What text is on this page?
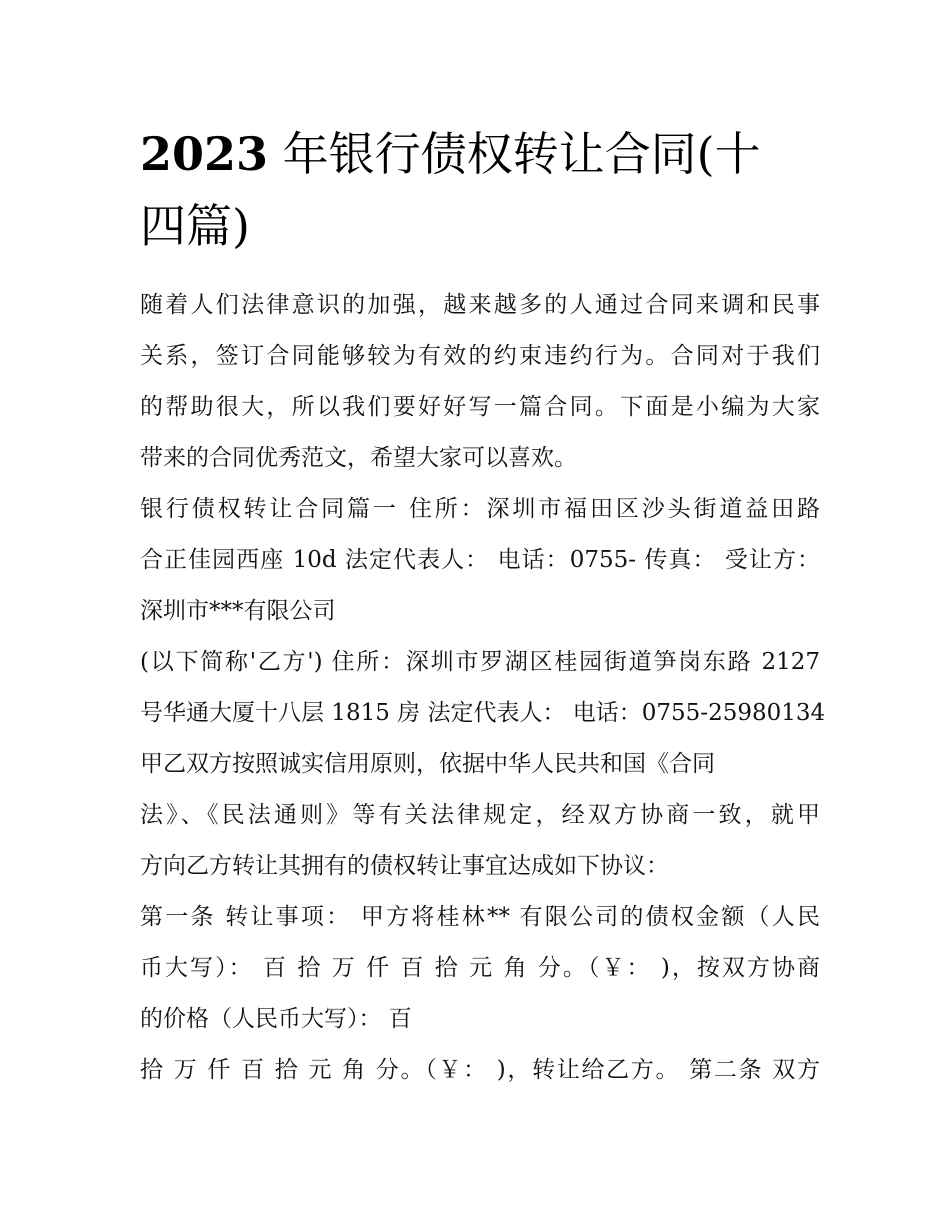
2023 年银行债权转让合同(十
四篇)
随着人们法律意识的加强，越来越多的人通过合同来调和民事
关系，签订合同能够较为有效的约束违约行为。合同对于我们
的帮助很大，所以我们要好好写一篇合同。下面是小编为大家
带来的合同优秀范文，希望大家可以喜欢。
银行债权转让合同篇一 住所：深圳市福田区沙头街道益田路
合正佳园西座 10d 法定代表人： 电话：0755- 传真： 受让方：
深圳市***有限公司
(以下简称'乙方') 住所：深圳市罗湖区桂园街道笋岗东路 2127
号华通大厦十八层 1815 房 法定代表人： 电话：0755-25980134
甲乙双方按照诚实信用原则，依据中华人民共和国《合同
法》、《民法通则》等有关法律规定，经双方协商一致，就甲
方向乙方转让其拥有的债权转让事宜达成如下协议：
第一条 转让事项： 甲方将桂林** 有限公司的债权金额（人民
币大写）： 百 拾 万 仟 百 拾 元 角 分。（￥： )，按双方协商
的价格（人民币大写）： 百
拾 万 仟 百 拾 元 角 分。（￥： )，转让给乙方。 第二条 双方
